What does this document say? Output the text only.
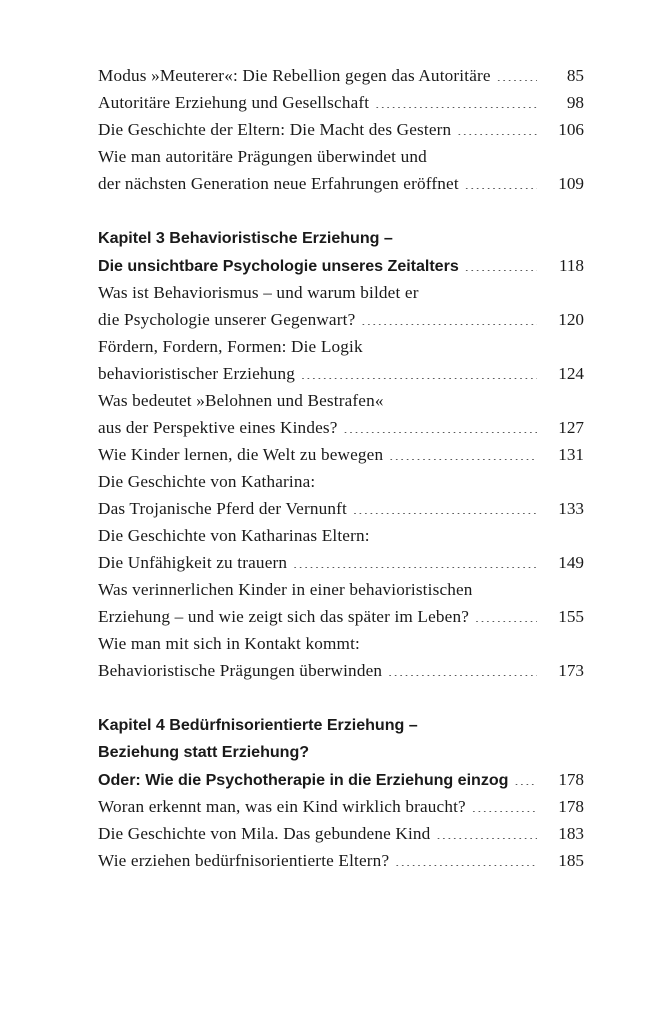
Modus »Meuterer«: Die Rebellion gegen das Autoritäre .....	85
Autoritäre Erziehung und Gesellschaft .....	98
Die Geschichte der Eltern: Die Macht des Gestern .....	106
Wie man autoritäre Prägungen überwindet und
der nächsten Generation neue Erfahrungen eröffnet .....	109
Kapitel 3 Behavioristische Erziehung –
Die unsichtbare Psychologie unseres Zeitalters .....	118
Was ist Behaviorismus – und warum bildet er
die Psychologie unserer Gegenwart? .....	120
Fördern, Fordern, Formen: Die Logik
behavioristischer Erziehung .....	124
Was bedeutet »Belohnen und Bestrafen«
aus der Perspektive eines Kindes? .....	127
Wie Kinder lernen, die Welt zu bewegen .....	131
Die Geschichte von Katharina:
Das Trojanische Pferd der Vernunft .....	133
Die Geschichte von Katharinas Eltern:
Die Unfähigkeit zu trauern .....	149
Was verinnerlichen Kinder in einer behavioristischen
Erziehung – und wie zeigt sich das später im Leben? .....	155
Wie man mit sich in Kontakt kommt:
Behavioristische Prägungen überwinden .....	173
Kapitel 4 Bedürfnisorientierte Erziehung –
Beziehung statt Erziehung?
Oder: Wie die Psychotherapie in die Erziehung einzog .....	178
Woran erkennt man, was ein Kind wirklich braucht? .....	178
Die Geschichte von Mila. Das gebundene Kind .....	183
Wie erziehen bedürfnisorientierte Eltern? .....	185
